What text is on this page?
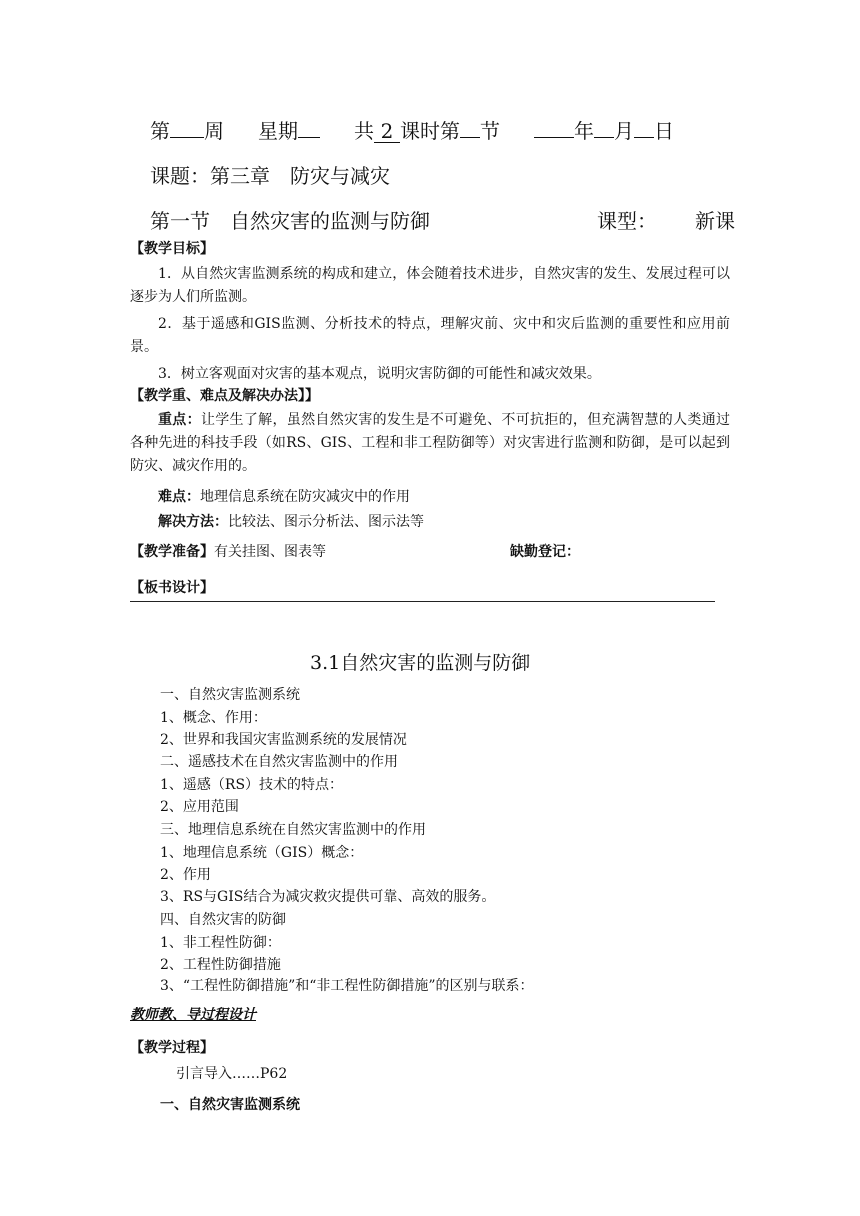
第 周 星期	共 2 课时第 节	年 月 日
课题：第三章　防灾与减灾
第一节　自然灾害的监测与防御	课型： 新课
【教学目标】
1．从自然灾害监测系统的构成和建立，体会随着技术进步，自然灾害的发生、发展过程可以逐步为人们所监测。
2．基于遥感和GIS监测、分析技术的特点，理解灾前、灾中和灾后监测的重要性和应用前景。
3．树立客观面对灾害的基本观点，说明灾害防御的可能性和减灾效果。
【教学重、难点及解决办法】】
重点：让学生了解，虽然自然灾害的发生是不可避免、不可抗拒的，但充满智慧的人类通过各种先进的科技手段（如RS、GIS、工程和非工程防御等）对灾害进行监测和防御，是可以起到防灾、减灾作用的。
难点：地理信息系统在防灾减灾中的作用
解决方法：比较法、图示分析法、图示法等
【教学准备】有关挂图、图表等	缺勤登记：
【板书设计】
3.1自然灾害的监测与防御
一、自然灾害监测系统
1、概念、作用：
2、世界和我国灾害监测系统的发展情况
二、遥感技术在自然灾害监测中的作用
1、遥感（RS）技术的特点：
2、应用范围
三、地理信息系统在自然灾害监测中的作用
1、地理信息系统（GIS）概念：
2、作用
3、RS与GIS结合为减灾救灾提供可靠、高效的服务。
四、自然灾害的防御
1、非工程性防御：
2、工程性防御措施
3、“工程性防御措施”和“非工程性防御措施”的区别与联系：
教师教、导过程设计
【教学过程】
引言导入……P62
一、自然灾害监测系统
